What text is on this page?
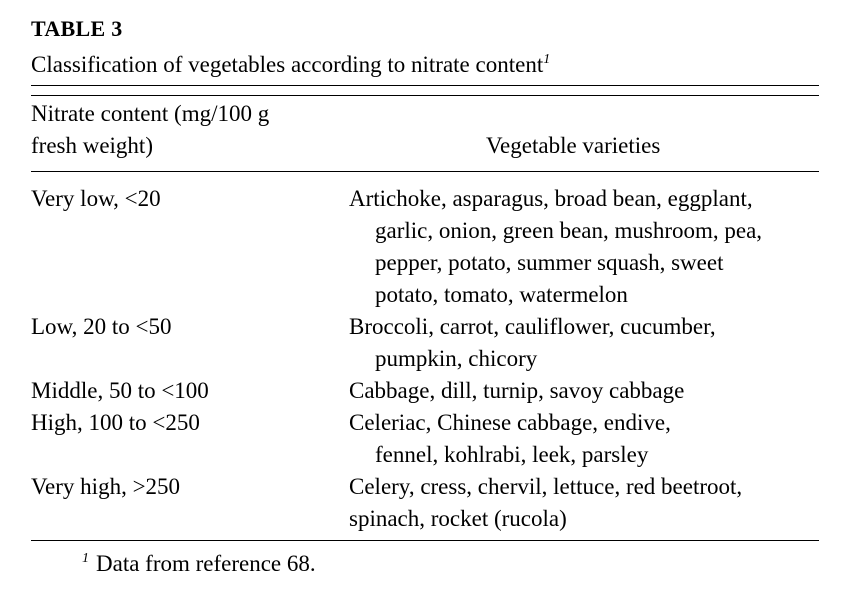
TABLE 3
Classification of vegetables according to nitrate content$^1$
Nitrate content (mg/100 g
fresh weight)	Vegetable varieties
Very low, <20	Artichoke, asparagus, broad bean, eggplant,
garlic, onion, green bean, mushroom, pea,
pepper, potato, summer squash, sweet
potato, tomato, watermelon
Low, 20 to <50	Broccoli, carrot, cauliflower, cucumber,
pumpkin, chicory
Middle, 50 to <100	Cabbage, dill, turnip, savoy cabbage
High, 100 to <250	Celeriac, Chinese cabbage, endive,
fennel, kohlrabi, leek, parsley
Very high, >250	Celery, cress, chervil, lettuce, red beetroot,
spinach, rocket (rucola)
$^1$ Data from reference 68.
